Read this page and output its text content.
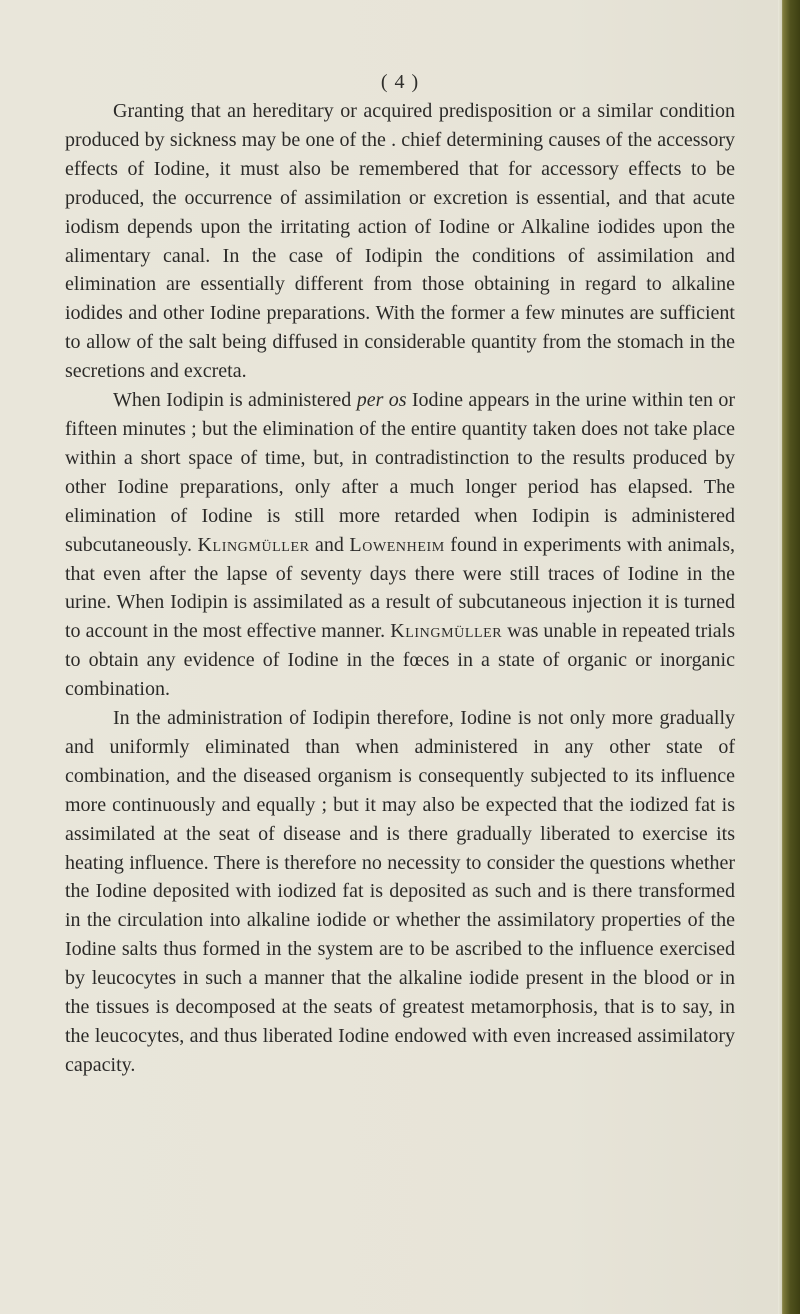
( 4 )

Granting that an hereditary or acquired predisposition or a similar condition produced by sickness may be one of the . chief determining causes of the accessory effects of Iodine, it must also be remembered that for accessory effects to be produced, the occurrence of assimilation or excretion is essential, and that acute iodism depends upon the irritating action of Iodine or Alkaline iodides upon the alimentary canal. In the case of Iodipin the conditions of assimilation and elimination are essentially different from those obtaining in regard to alkaline iodides and other Iodine preparations. With the former a few minutes are sufficient to allow of the salt being diffused in considerable quantity from the stomach in the secretions and excreta.

When Iodipin is administered per os Iodine appears in the urine within ten or fifteen minutes ; but the elimination of the entire quantity taken does not take place within a short space of time, but, in contradistinction to the results produced by other Iodine preparations, only after a much longer period has elapsed. The elimination of Iodine is still more retarded when Iodipin is administered subcutaneously. Klingmüller and Lowenheim found in experiments with animals, that even after the lapse of seventy days there were still traces of Iodine in the urine. When Iodipin is assimilated as a result of subcutaneous injection it is turned to account in the most effective manner. Klingmüller was unable in repeated trials to obtain any evidence of Iodine in the fœces in a state of organic or inorganic combination.

In the administration of Iodipin therefore, Iodine is not only more gradually and uniformly eliminated than when administered in any other state of combination, and the diseased organism is consequently subjected to its influence more continuously and equally ; but it may also be expected that the iodized fat is assimilated at the seat of disease and is there gradually liberated to exercise its heating influence. There is therefore no necessity to consider the questions whether the Iodine deposited with iodized fat is deposited as such and is there transformed in the circulation into alkaline iodide or whether the assimilatory properties of the Iodine salts thus formed in the system are to be ascribed to the influence exercised by leucocytes in such a manner that the alkaline iodide present in the blood or in the tissues is decomposed at the seats of greatest metamorphosis, that is to say, in the leucocytes, and thus liberated Iodine endowed with even increased assimilatory capacity.
